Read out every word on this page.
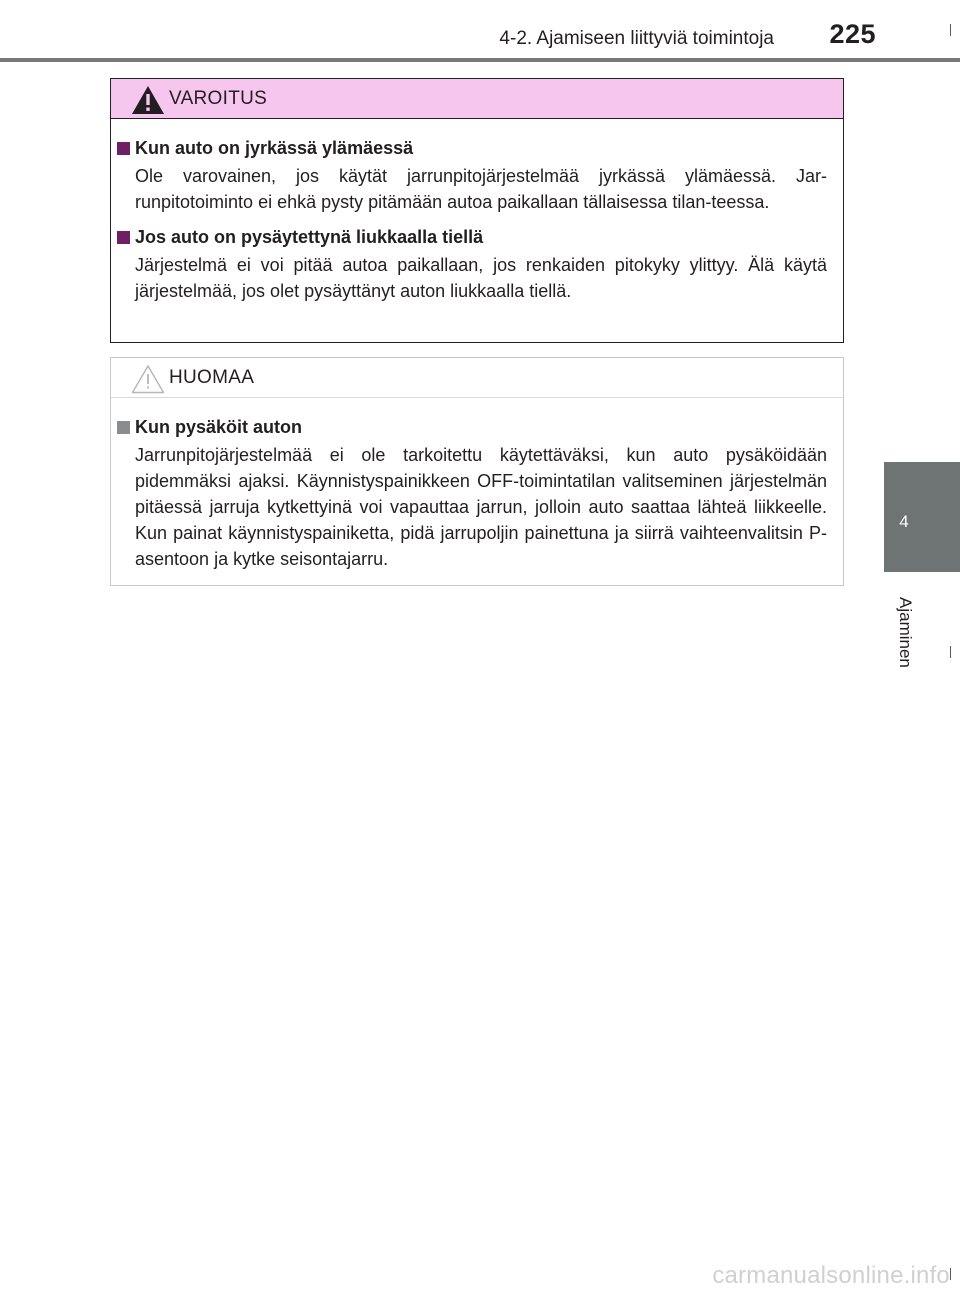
4-2. Ajamiseen liittyviä toimintoja	225
4
Ajaminen
VAROITUS
Kun auto on jyrkässä ylämäessä
Ole varovainen, jos käytät jarrunpitojärjestelmää jyrkässä ylämäessä. Jar-runpitotoiminto ei ehkä pysty pitämään autoa paikallaan tällaisessa tilan-teessa.
Jos auto on pysäytettynä liukkaalla tiellä
Järjestelmä ei voi pitää autoa paikallaan, jos renkaiden pitokyky ylittyy. Älä käytä järjestelmää, jos olet pysäyttänyt auton liukkaalla tiellä.
HUOMAA
Kun pysäköit auton
Jarrunpitojärjestelmää ei ole tarkoitettu käytettäväksi, kun auto pysäköidään pidemmäksi ajaksi. Käynnistyspainikkeen OFF-toimintatilan valitseminen järjestelmän pitäessä jarruja kytkettyinä voi vapauttaa jarrun, jolloin auto saattaa lähteä liikkeelle. Kun painat käynnistyspainiketta, pidä jarrupoljin painettuna ja siirrä vaihteenvalitsin P-asentoon ja kytke seisontajarru.
carmanualsonline.info
